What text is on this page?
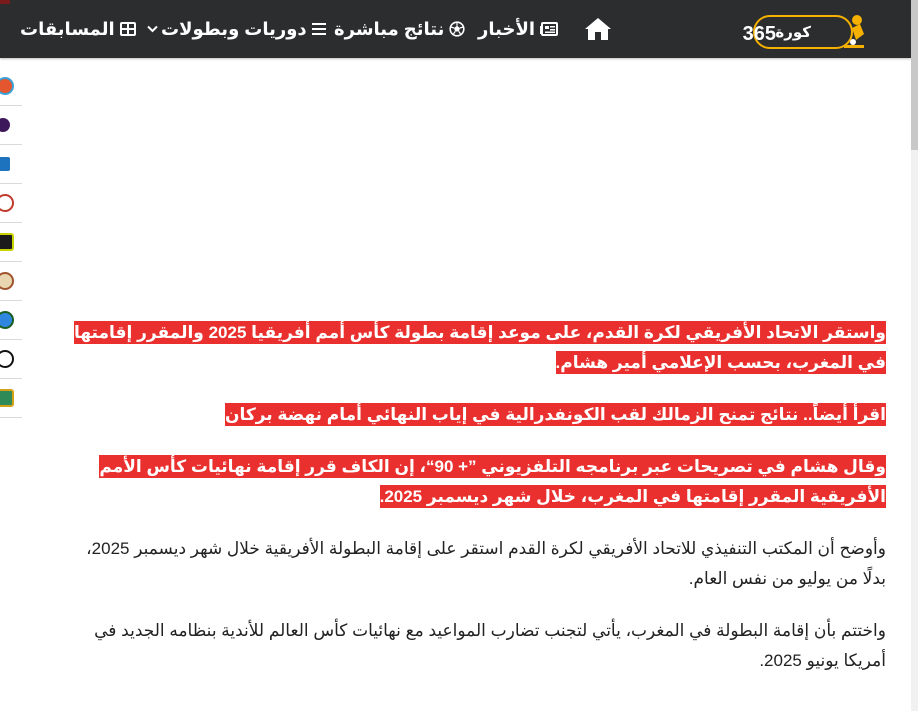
365 كورة
الأخبار
نتائج مباشرة
دوريات وبطولات
المسابقات

واستقر الاتحاد الأفريقي لكرة القدم، على موعد إقامة بطولة كأس أمم أفريقيا 2025 والمقرر إقامتها في المغرب، بحسب الإعلامي أمير هشام.

اقرأ أيضاً.. نتائج تمنح الزمالك لقب الكونفدرالية في إياب النهائي أمام نهضة بركان

وقال هشام في تصريحات عبر برنامجه التلفزيوني ”+ 90“، إن الكاف قرر إقامة نهائيات كأس الأمم الأفريقية المقرر إقامتها في المغرب، خلال شهر ديسمبر 2025.

وأوضح أن المكتب التنفيذي للاتحاد الأفريقي لكرة القدم استقر على إقامة البطولة الأفريقية خلال شهر ديسمبر 2025، بدلًا من يوليو من نفس العام.

واختتم بأن إقامة البطولة في المغرب، يأتي لتجنب تضارب المواعيد مع نهائيات كأس العالم للأندية بنظامه الجديد في أمريكا يونيو 2025.
